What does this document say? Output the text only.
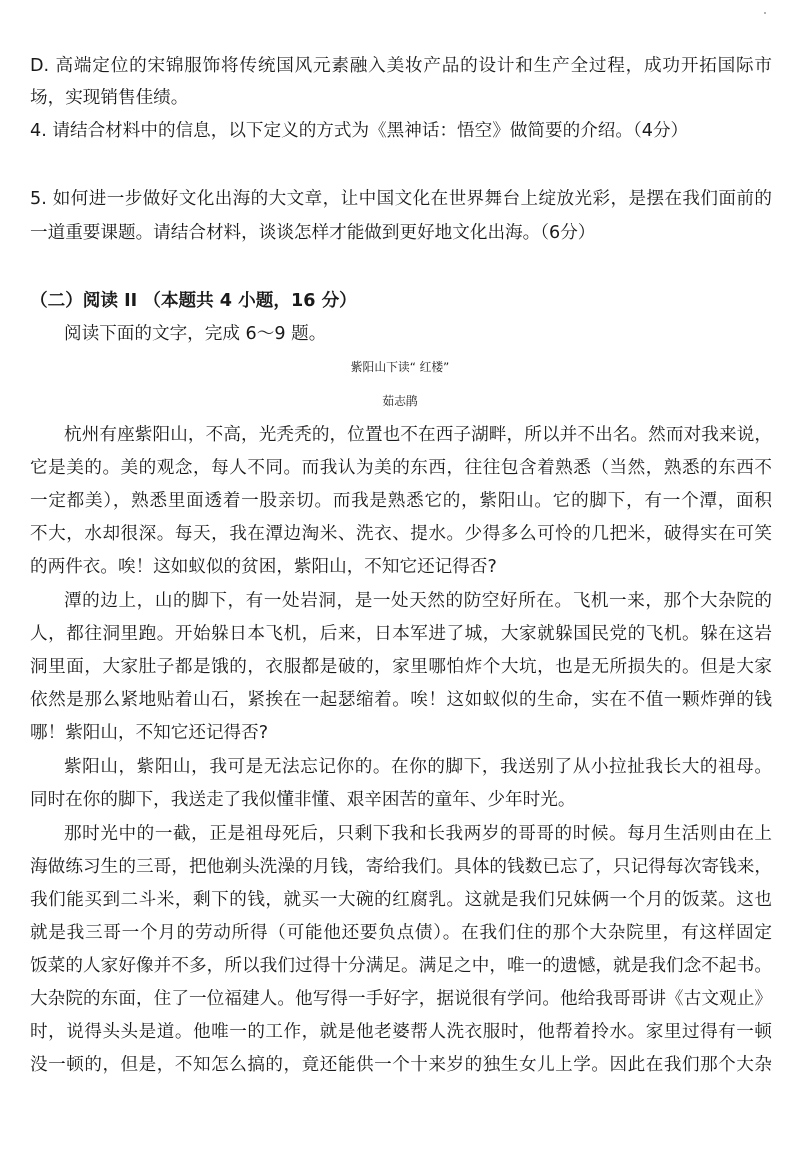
D. 高端定位的宋锦服饰将传统国风元素融入美妆产品的设计和生产全过程，成功开拓国际市
场，实现销售佳绩。
4. 请结合材料中的信息，以下定义的方式为《黑神话：悟空》做简要的介绍。（4分）
5. 如何进一步做好文化出海的大文章，让中国文化在世界舞台上绽放光彩，是摆在我们面前的
一道重要课题。请结合材料，谈谈怎样才能做到更好地文化出海。（6分）
（二）阅读 II （本题共 4 小题，16 分）
阅读下面的文字，完成 6～9 题。
紫阳山下读“ 红楼”
茹志鹃
杭州有座紫阳山，不高，光秃秃的，位置也不在西子湖畔，所以并不出名。然而对我来说，
它是美的。美的观念，每人不同。而我认为美的东西，往往包含着熟悉（当然，熟悉的东西不
一定都美），熟悉里面透着一股亲切。而我是熟悉它的，紫阳山。它的脚下，有一个潭，面积
不大，水却很深。每天，我在潭边淘米、洗衣、提水。少得多么可怜的几把米，破得实在可笑
的两件衣。唉！这如蚁似的贫困，紫阳山，不知它还记得否?
潭的边上，山的脚下，有一处岩洞，是一处天然的防空好所在。飞机一来，那个大杂院的
人，都往洞里跑。开始躲日本飞机，后来，日本军进了城，大家就躲国民党的飞机。躲在这岩
洞里面，大家肚子都是饿的，衣服都是破的，家里哪怕炸个大坑，也是无所损失的。但是大家
依然是那么紧地贴着山石，紧挨在一起瑟缩着。唉！这如蚁似的生命，实在不值一颗炸弹的钱
哪！紫阳山，不知它还记得否?
紫阳山，紫阳山，我可是无法忘记你的。在你的脚下，我送别了从小拉扯我长大的祖母。
同时在你的脚下，我送走了我似懂非懂、艰辛困苦的童年、少年时光。
那时光中的一截，正是祖母死后，只剩下我和长我两岁的哥哥的时候。每月生活则由在上
海做练习生的三哥，把他剃头洗澡的月钱，寄给我们。具体的钱数已忘了，只记得每次寄钱来，
我们能买到二斗米，剩下的钱，就买一大碗的红腐乳。这就是我们兄妹俩一个月的饭菜。这也
就是我三哥一个月的劳动所得（可能他还要负点债）。在我们住的那个大杂院里，有这样固定
饭菜的人家好像并不多，所以我们过得十分满足。满足之中，唯一的遗憾，就是我们念不起书。
大杂院的东面，住了一位福建人。他写得一手好字，据说很有学问。他给我哥哥讲《古文观止》
时，说得头头是道。他唯一的工作，就是他老婆帮人洗衣服时，他帮着拎水。家里过得有一顿
没一顿的，但是，不知怎么搞的，竟还能供一个十来岁的独生女儿上学。因此在我们那个大杂
